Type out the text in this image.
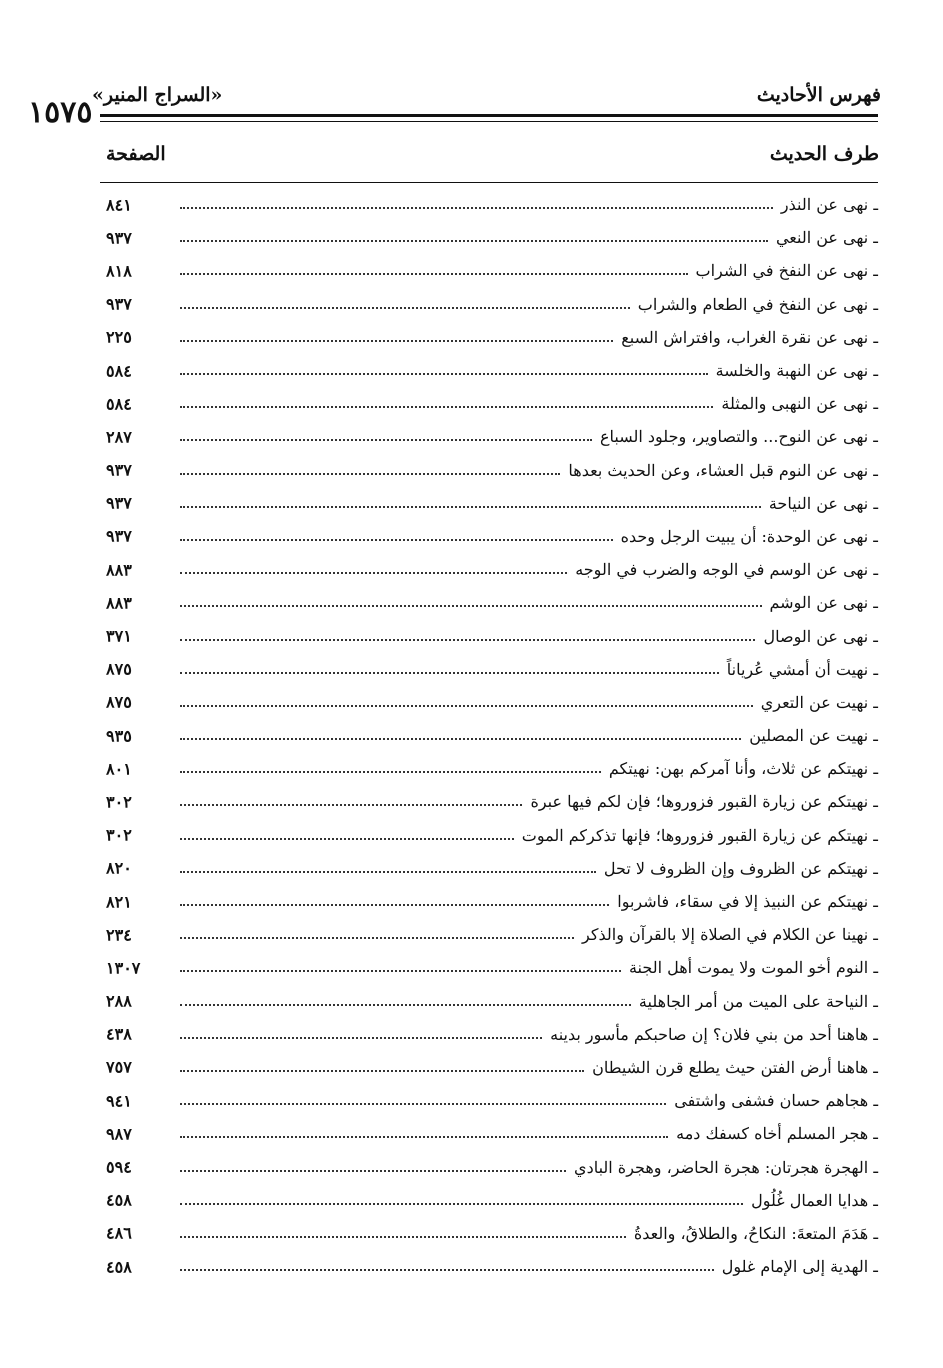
١٥٧٥ «السراج المنير»	فهرس الأحاديث
الصفحة	طرف الحديث
ـ نهى عن النذر
٨٤١
ـ نهى عن النعي
٩٣٧
ـ نهى عن النفخ في الشراب
٨١٨
ـ نهى عن النفخ في الطعام والشراب
٩٣٧
ـ نهى عن نقرة الغراب، وافتراش السبع
٢٢٥
ـ نهى عن النهبة والخلسة
٥٨٤
ـ نهى عن النهبى والمثلة
٥٨٤
ـ نهى عن النوح... والتصاوير، وجلود السباع
٢٨٧
ـ نهى عن النوم قبل العشاء، وعن الحديث بعدها
٩٣٧
ـ نهى عن النياحة
٩٣٧
ـ نهى عن الوحدة: أن يبيت الرجل وحده
٩٣٧
ـ نهى عن الوسم في الوجه والضرب في الوجه
٨٨٣
ـ نهى عن الوشم
٨٨٣
ـ نهى عن الوصال
٣٧١
ـ نهيت أن أمشي عُرياناً
٨٧٥
ـ نهيت عن التعري
٨٧٥
ـ نهيت عن المصلين
٩٣٥
ـ نهيتكم عن ثلاث، وأنا آمركم بهن: نهيتكم
٨٠١
ـ نهيتكم عن زيارة القبور فزوروها؛ فإن لكم فيها عبرة
٣٠٢
ـ نهيتكم عن زيارة القبور فزوروها؛ فإنها تذكركم الموت
٣٠٢
ـ نهيتكم عن الظروف وإن الظروف لا تحل
٨٢٠
ـ نهيتكم عن النبيذ إلا في سقاء، فاشربوا
٨٢١
ـ نهينا عن الكلام في الصلاة إلا بالقرآن والذكر
٢٣٤
ـ النوم أخو الموت ولا يموت أهل الجنة
١٣٠٧
ـ النياحة على الميت من أمر الجاهلية
٢٨٨
ـ هاهنا أحد من بني فلان؟ إن صاحبكم مأسور بدينه
٤٣٨
ـ هاهنا أرض الفتن حيث يطلع قرن الشيطان
٧٥٧
ـ هجاهم حسان فشفى واشتفى
٩٤١
ـ هجر المسلم أخاه كسفك دمه
٩٨٧
ـ الهجرة هجرتان: هجرة الحاضر، وهجرة البادي
٥٩٤
ـ هدايا العمال غُلُول
٤٥٨
ـ هَدَمَ المتعةَ: النكاحُ، والطلاقُ، والعدةُ
٤٨٦
ـ الهدية إلى الإمام غلول
٤٥٨
